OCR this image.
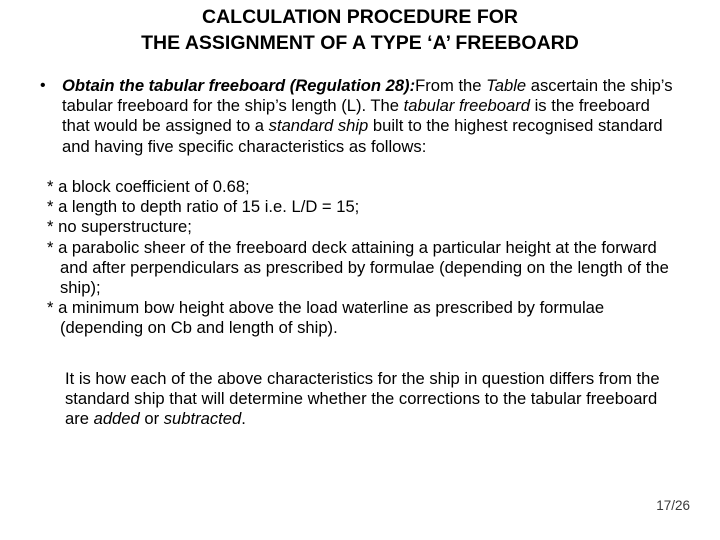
CALCULATION PROCEDURE FOR
THE ASSIGNMENT OF A TYPE ‘A’ FREEBOARD
• Obtain the tabular freeboard (Regulation 28):From the Table ascertain the ship’s tabular freeboard for the ship’s length (L). The tabular freeboard is the freeboard that would be assigned to a standard ship built to the highest recognised standard and having five specific characteristics as follows:
* a block coefficient of 0.68;
* a length to depth ratio of 15 i.e. L/D = 15;
* no superstructure;
* a parabolic sheer of the freeboard deck attaining a particular height at the forward and after perpendiculars as prescribed by formulae (depending on the length of the ship);
* a minimum bow height above the load waterline as prescribed by formulae (depending on Cb and length of ship).
It is how each of the above characteristics for the ship in question differs from the standard ship that will determine whether the corrections to the tabular freeboard are added or subtracted.
17/26
